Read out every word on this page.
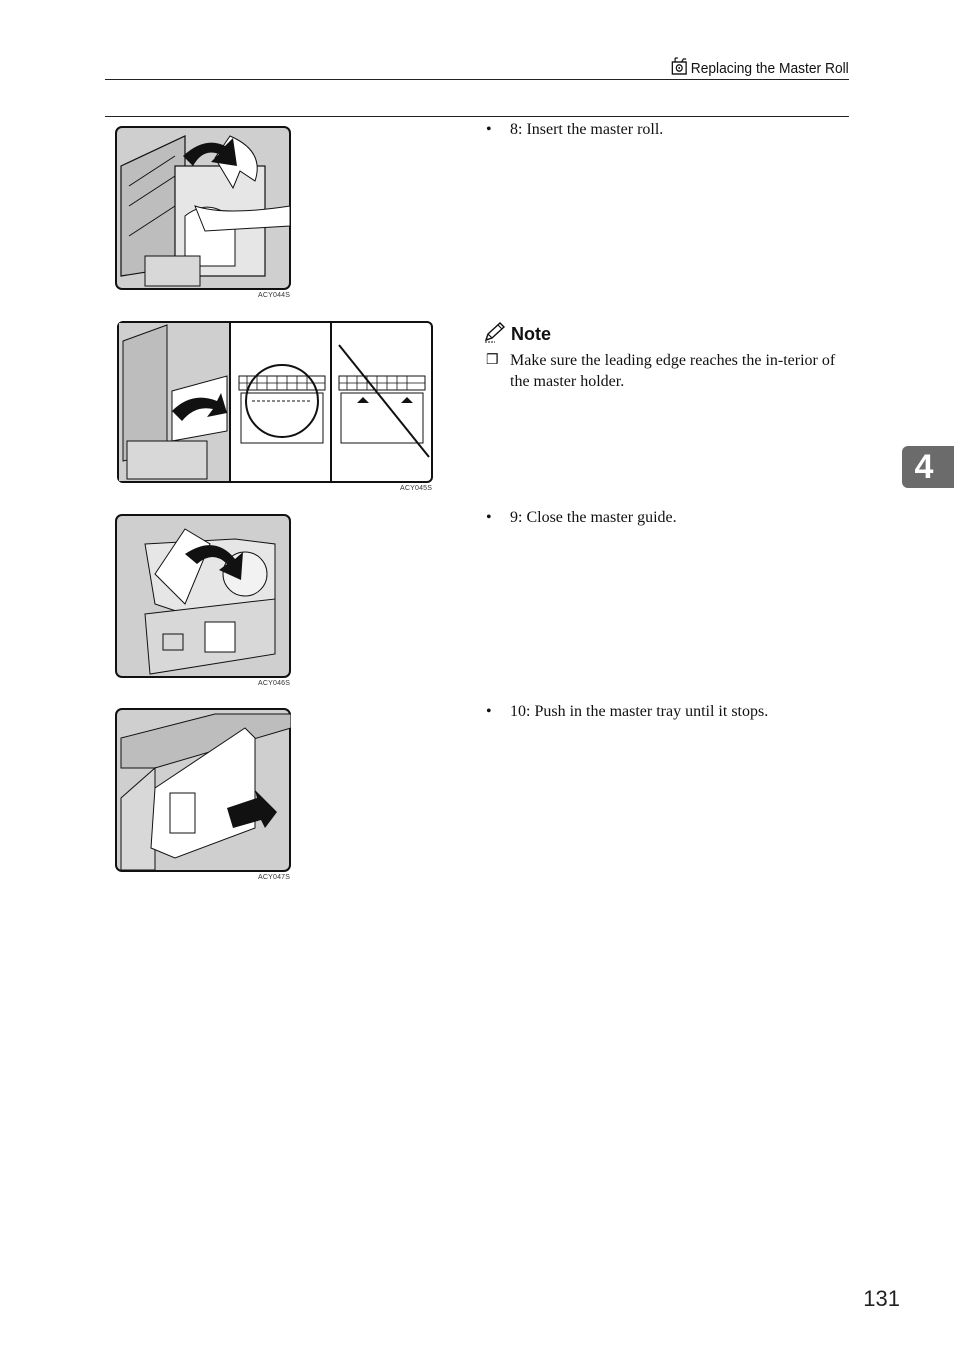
Replacing the Master Roll
ACY044S
ACY045S
ACY046S
ACY047S
•	8: Insert the master roll.
Note
❒ Make sure the leading edge reaches the in-terior of the master holder.
•	9: Close the master guide.
•	10: Push in the master tray until it stops.
4
131
